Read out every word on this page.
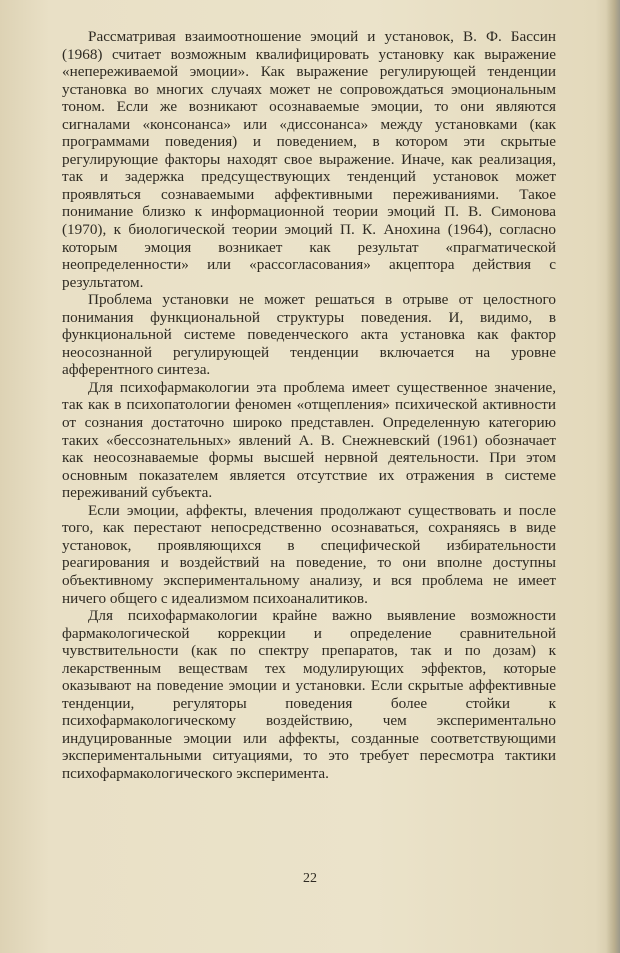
Рассматривая взаимоотношение эмоций и установок, В. Ф. Бассин (1968) считает возможным квалифицировать установку как выражение «непереживаемой эмоции». Как выражение регулирующей тенденции установка во многих случаях может не сопровождаться эмоциональным тоном. Если же возникают осознаваемые эмоции, то они являются сигналами «консонанса» или «диссонанса» между установками (как программами поведения) и поведением, в котором эти скрытые регулирующие факторы находят свое выражение. Иначе, как реализация, так и задержка предсуществующих тенденций установок может проявляться сознаваемыми аффективными переживаниями. Такое понимание близко к информационной теории эмоций П. В. Симонова (1970), к биологической теории эмоций П. К. Анохина (1964), согласно которым эмоция возникает как результат «прагматической неопределенности» или «рассогласования» акцептора действия с результатом.

Проблема установки не может решаться в отрыве от целостного понимания функциональной структуры поведения. И, видимо, в функциональной системе поведенческого акта установка как фактор неосознанной регулирующей тенденции включается на уровне афферентного синтеза.

Для психофармакологии эта проблема имеет существенное значение, так как в психопатологии феномен «отщепления» психической активности от сознания достаточно широко представлен. Определенную категорию таких «бессознательных» явлений А. В. Снежневский (1961) обозначает как неосознаваемые формы высшей нервной деятельности. При этом основным показателем является отсутствие их отражения в системе переживаний субъекта.

Если эмоции, аффекты, влечения продолжают существовать и после того, как перестают непосредственно осознаваться, сохраняясь в виде установок, проявляющихся в специфической избирательности реагирования и воздействий на поведение, то они вполне доступны объективному экспериментальному анализу, и вся проблема не имеет ничего общего с идеализмом психоаналитиков.

Для психофармакологии крайне важно выявление возможности фармакологической коррекции и определение сравнительной чувствительности (как по спектру препаратов, так и по дозам) к лекарственным веществам тех модулирующих эффектов, которые оказывают на поведение эмоции и установки. Если скрытые аффективные тенденции, регуляторы поведения более стойки к психофармакологическому воздействию, чем экспериментально индуцированные эмоции или аффекты, созданные соответствующими экспериментальными ситуациями, то это требует пересмотра тактики психофармакологического эксперимента.

22
